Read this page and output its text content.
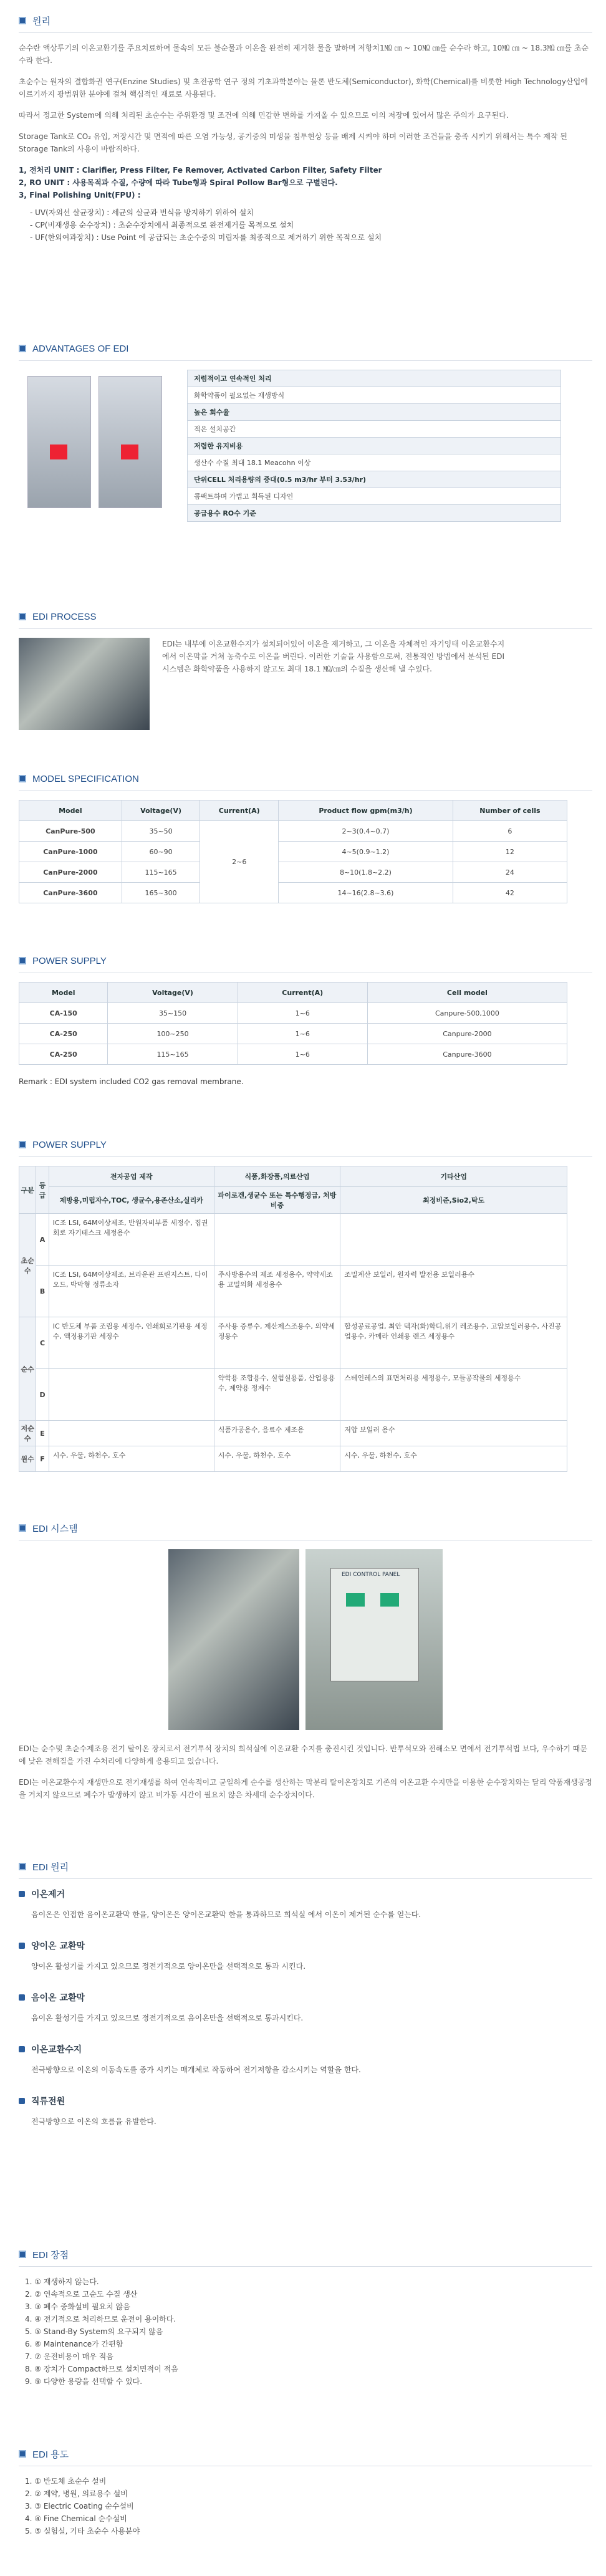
원리

순수란 액상투기의 이온교환기를 주요치료하여 물속의 모든 불순물과 이온을 완전히 제거한 물을 말하며 저항치1㏁ ㎝ ~ 10㏁ ㎝를 순수라 하고, 10㏁ ㎝ ~ 18.3㏁ ㎝를 초순수라 한다.

초순수는 원자의 결합화권 연구(Enzine Studies) 및 초전공학 연구 정의 기초과학분야는 물론 반도체(Semiconductor), 화학(Chemical)를 비롯한 High Technology산업에 이르기까지 광범위한 분야에 걸쳐 핵심적인 재료로 사용된다.

따라서 정교한 System에 의해 처리된 초순수는 주위환경 및 조건에 의해 민감한 변화를 가져올 수 있으므로 이의 저장에 있어서 많은 주의가 요구된다.

Storage Tank로 CO₂ 유입, 저장시간 및 면적에 따른 오염 가능성, 공기중의 미생물 침투현상 등을 배제 시켜야 하며 이러한 조건들을 충족 시키기 위해서는 특수 제작 된 Storage Tank의 사용이 바람직하다.

1, 전처리 UNIT : Clarifier, Press Filter, Fe Remover, Activated Carbon Filter, Safety Filter
2, RO UNIT : 사용목적과 수질, 수량에 따라 Tube형과 Spiral Pollow Bar형으로 구별된다.
3, Final Polishing Unit(FPU) :
- UV(자외선 살균장치) : 세균의 살균과 번식을 방지하기 위하여 설치
- CP(비재생용 순수장치) : 초순수장치에서 최종적으로 완전제거를 목적으로 설치
- UF(한외여과장치) : Use Point 에 공급되는 초순수중의 미립자를 최종적으로 제거하기 위한 목적으로 설치
ADVANTAGES OF EDI
저렴적이고 연속적인 처리
화학약품이 필요없는 재생방식
높은 회수율
적은 설치공간
저렴한 유지비용
생산수 수질 최대 18.1 Meacohn 이상
단위CELL 처리용량의 증대(0.5 m3/hr 부터 3.53/hr)
콤팩트하며 가볍고 획득된 디자인
공급용수 RO수 기준
EDI PROCESS

EDI는 내부에 이온교환수지가 설치되어있어 이온을 제거하고, 그 이온을 자체적인 자기잉태 이온교환수지에서 이온막을 거쳐 농축수로 이온을 버린다. 이러한 기술을 사용함으로써, 전통적인 방법에서 분석된 EDI 시스템은 화학약품을 사용하지 않고도 최대 18.1 ㏁/㎝의 수질을 생산해 낼 수있다.

MODEL SPECIFICATION
Model	Voltage(V)	Current(A)	Product flow gpm(m3/h)	Number of cells
CanPure-500	35~50	2~6	2~3(0.4~0.7)	6
CanPure-1000	60~90		4~5(0.9~1.2)	12
CanPure-2000	115~165		8~10(1.8~2.2)	24
CanPure-3600	165~300		14~16(2.8~3.6)	42
POWER SUPPLY
Model	Voltage(V)	Current(A)	Cell model
CA-150	35~150	1~6	Canpure-500,1000
CA-250	100~250	1~6	Canpure-2000
CA-250	115~165	1~6	Canpure-3600
Remark : EDI system included CO2 gas removal membrane.
POWER SUPPLY
구분	등급	전자공업 제작	식품,화장품,의료산업	기타산업
		제방용,미립자수,TOC, 생균수,용존산소,실리카	파이로겐,생균수 또는 특수행정급, 처방비중	최정비준,Sio2,탁도
초순수	A	IC조 LSI, 64M이상제조, 반원자비부품 세정수, 집권회로 자기테스크 세정용수		
	B	IC조 LSI, 64M이상제조, 브라운관 프린지스트, 다이오드, 박막형 정류소자	주사방용수의 제조 세정용수, 약약세조용 고밀의화 세정용수	조밀계산 보일러, 원자력 발전용 보일러용수
순수	C	IC 반도체 부품 조립용 세정수, 인쇄회로기판용 세정수, 액정용기판 세정수	주사용 증류수, 제산제스조용수, 의약세정용수	합성공료공업, 최안 텍자(화)학디,위기 레조용수, 고압보일러용수, 사진공업용수, 카메라 인쇄용 렌즈 세정용수
	D		약학용 조합용수, 실험실용품, 산업용용수, 제약용 정제수	스테인레스의 표면처리용 세정용수, 모들공작물의 세정용수
저순수	E		식품가공용수, 음료수 제조용	저압 보일러 용수
원수	F	시수, 우물, 하천수, 호수	시수, 우물, 하천수, 호수	시수, 우물, 하천수, 호수
EDI 시스템
EDI CONTROL PANEL

EDI는 순수및 초순수제조용 전기 탈이온 장치로서 전기투석 장치의 희석실에 이온교환 수지를 충진시킨 것입니다. 반투석모와 전해소모 면에서 전기투석법 보다, 우수하기 때문에 낮은 전해질을 가진 수처리에 다양하게 응용되고 있습니다.

EDI는 이온교환수지 재생만으로 전기재생를 하여 연속적이고 균일하게 순수를 생산하는 막분리 탈이온장치로 기존의 이온교환 수지만을 이용한 순수장치와는 달리 약품재생공정을 거치지 않으므로 폐수가 발생하지 않고 비가동 시간이 필요치 않은 차세대 순수장치이다.

EDI 원리
이온제거
음이온은 인접한 음이온교환막 한을, 양이온은 양이온교환막 한을 통과하므로 희석실 에서 이온이 제거된 순수를 얻는다.
양이온 교환막
양이온 활성기를 가지고 있으므로 정전기적으로 양이온만을 선택적으로 통과 시킨다.
음이온 교환막
음이온 활성기를 가지고 있으므로 정전기적으로 음이온만을 선택적으로 통과시킨다.
이온교환수지
전극방향으로 이온의 이동속도를 증가 시키는 매개체로 작동하여 전기저항을 감소시키는 역할을 한다.
직류전원
전극방향으로 이온의 흐름을 유발한다.
EDI 장점
1. ① 재생하지 않는다.
2. ② 연속적으로 고순도 수질 생산
3. ③ 폐수 중화설비 필요치 않음
4. ④ 전기적으로 처리하므로 운전이 용이하다.
5. ⑤ Stand-By System의 요구되지 않음
6. ⑥ Maintenance가 간편함
7. ⑦ 운전비용이 매우 적음
8. ⑧ 장치가 Compact하므로 설치면적이 적음
9. ⑨ 다양한 용량을 선택할 수 있다.
EDI 용도
1. ① 반도체 초순수 설비
2. ② 제약, 병원, 의료용수 설비
3. ③ Electric Coating 순수설비
4. ④ Fine Chemical 순수설비
5. ⑤ 실험실, 기타 초순수 사용분야
